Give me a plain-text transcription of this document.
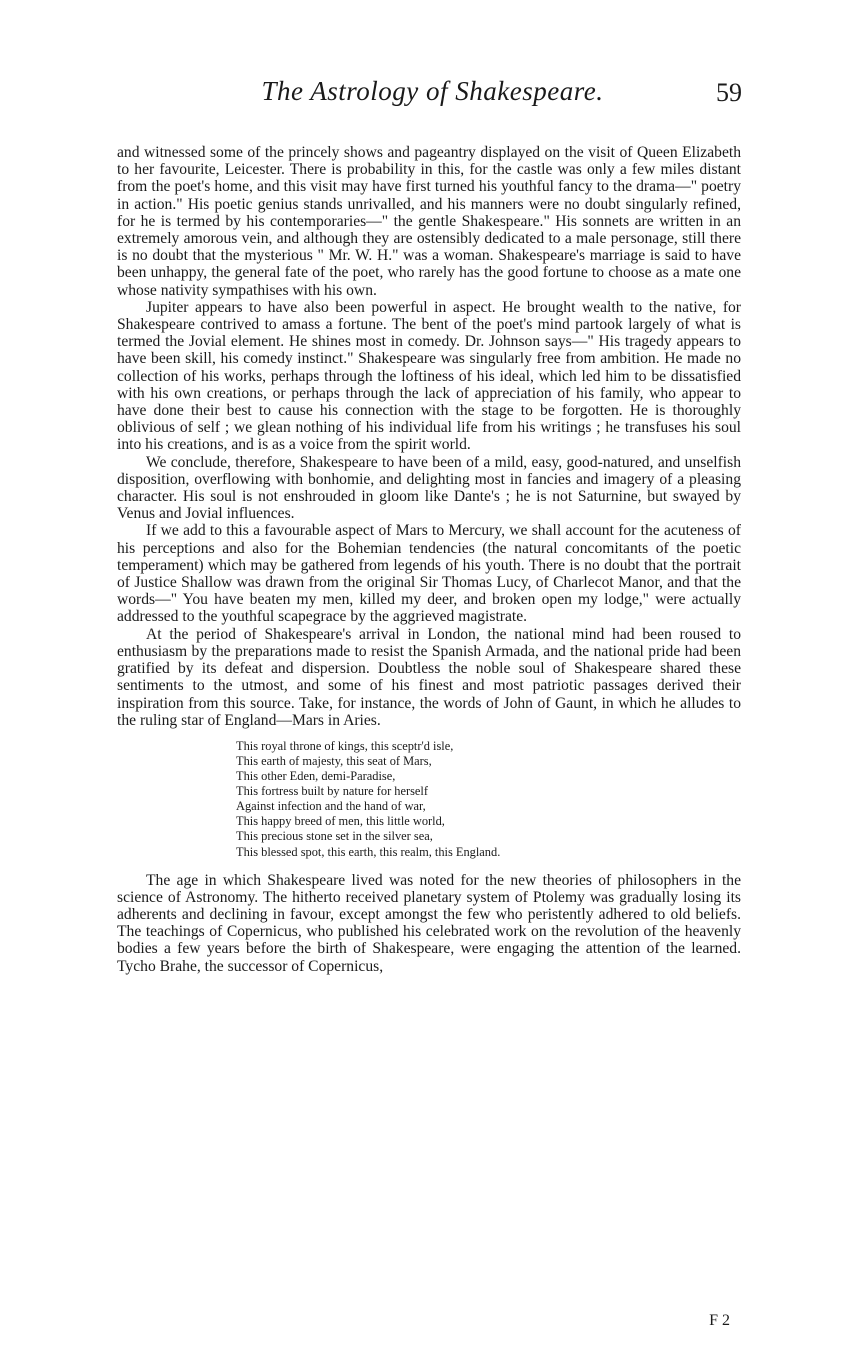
The Astrology of Shakespeare.	59

and witnessed some of the princely shows and pageantry displayed on the visit of Queen Elizabeth to her favourite, Leicester. There is probability in this, for the castle was only a few miles distant from the poet's home, and this visit may have first turned his youthful fancy to the drama—" poetry in action." His poetic genius stands unrivalled, and his manners were no doubt singularly refined, for he is termed by his contemporaries—" the gentle Shakespeare." His sonnets are written in an extremely amorous vein, and although they are ostensibly dedicated to a male personage, still there is no doubt that the mysterious " Mr. W. H." was a woman. Shakespeare's marriage is said to have been unhappy, the general fate of the poet, who rarely has the good fortune to choose as a mate one whose nativity sympathises with his own.

Jupiter appears to have also been powerful in aspect. He brought wealth to the native, for Shakespeare contrived to amass a fortune. The bent of the poet's mind partook largely of what is termed the Jovial element. He shines most in comedy. Dr. Johnson says—" His tragedy appears to have been skill, his comedy instinct." Shakespeare was singularly free from ambition. He made no collection of his works, perhaps through the loftiness of his ideal, which led him to be dissatisfied with his own creations, or perhaps through the lack of appreciation of his family, who appear to have done their best to cause his connection with the stage to be forgotten. He is thoroughly oblivious of self ; we glean nothing of his individual life from his writings ; he transfuses his soul into his creations, and is as a voice from the spirit world.

We conclude, therefore, Shakespeare to have been of a mild, easy, good-natured, and unselfish disposition, overflowing with bonhomie, and delighting most in fancies and imagery of a pleasing character. His soul is not enshrouded in gloom like Dante's ; he is not Saturnine, but swayed by Venus and Jovial influences.

If we add to this a favourable aspect of Mars to Mercury, we shall account for the acuteness of his perceptions and also for the Bohemian tendencies (the natural concomitants of the poetic temperament) which may be gathered from legends of his youth. There is no doubt that the portrait of Justice Shallow was drawn from the original Sir Thomas Lucy, of Charlecot Manor, and that the words—" You have beaten my men, killed my deer, and broken open my lodge," were actually addressed to the youthful scapegrace by the aggrieved magistrate.

At the period of Shakespeare's arrival in London, the national mind had been roused to enthusiasm by the preparations made to resist the Spanish Armada, and the national pride had been gratified by its defeat and dispersion. Doubtless the noble soul of Shakespeare shared these sentiments to the utmost, and some of his finest and most patriotic passages derived their inspiration from this source. Take, for instance, the words of John of Gaunt, in which he alludes to the ruling star of England—Mars in Aries.

This royal throne of kings, this sceptr'd isle,
This earth of majesty, this seat of Mars,
This other Eden, demi-Paradise,
This fortress built by nature for herself
Against infection and the hand of war,
This happy breed of men, this little world,
This precious stone set in the silver sea,
This blessed spot, this earth, this realm, this England.

The age in which Shakespeare lived was noted for the new theories of philosophers in the science of Astronomy. The hitherto received planetary system of Ptolemy was gradually losing its adherents and declining in favour, except amongst the few who peristently adhered to old beliefs. The teachings of Copernicus, who published his celebrated work on the revolution of the heavenly bodies a few years before the birth of Shakespeare, were engaging the attention of the learned. Tycho Brahe, the successor of Copernicus,

F 2
